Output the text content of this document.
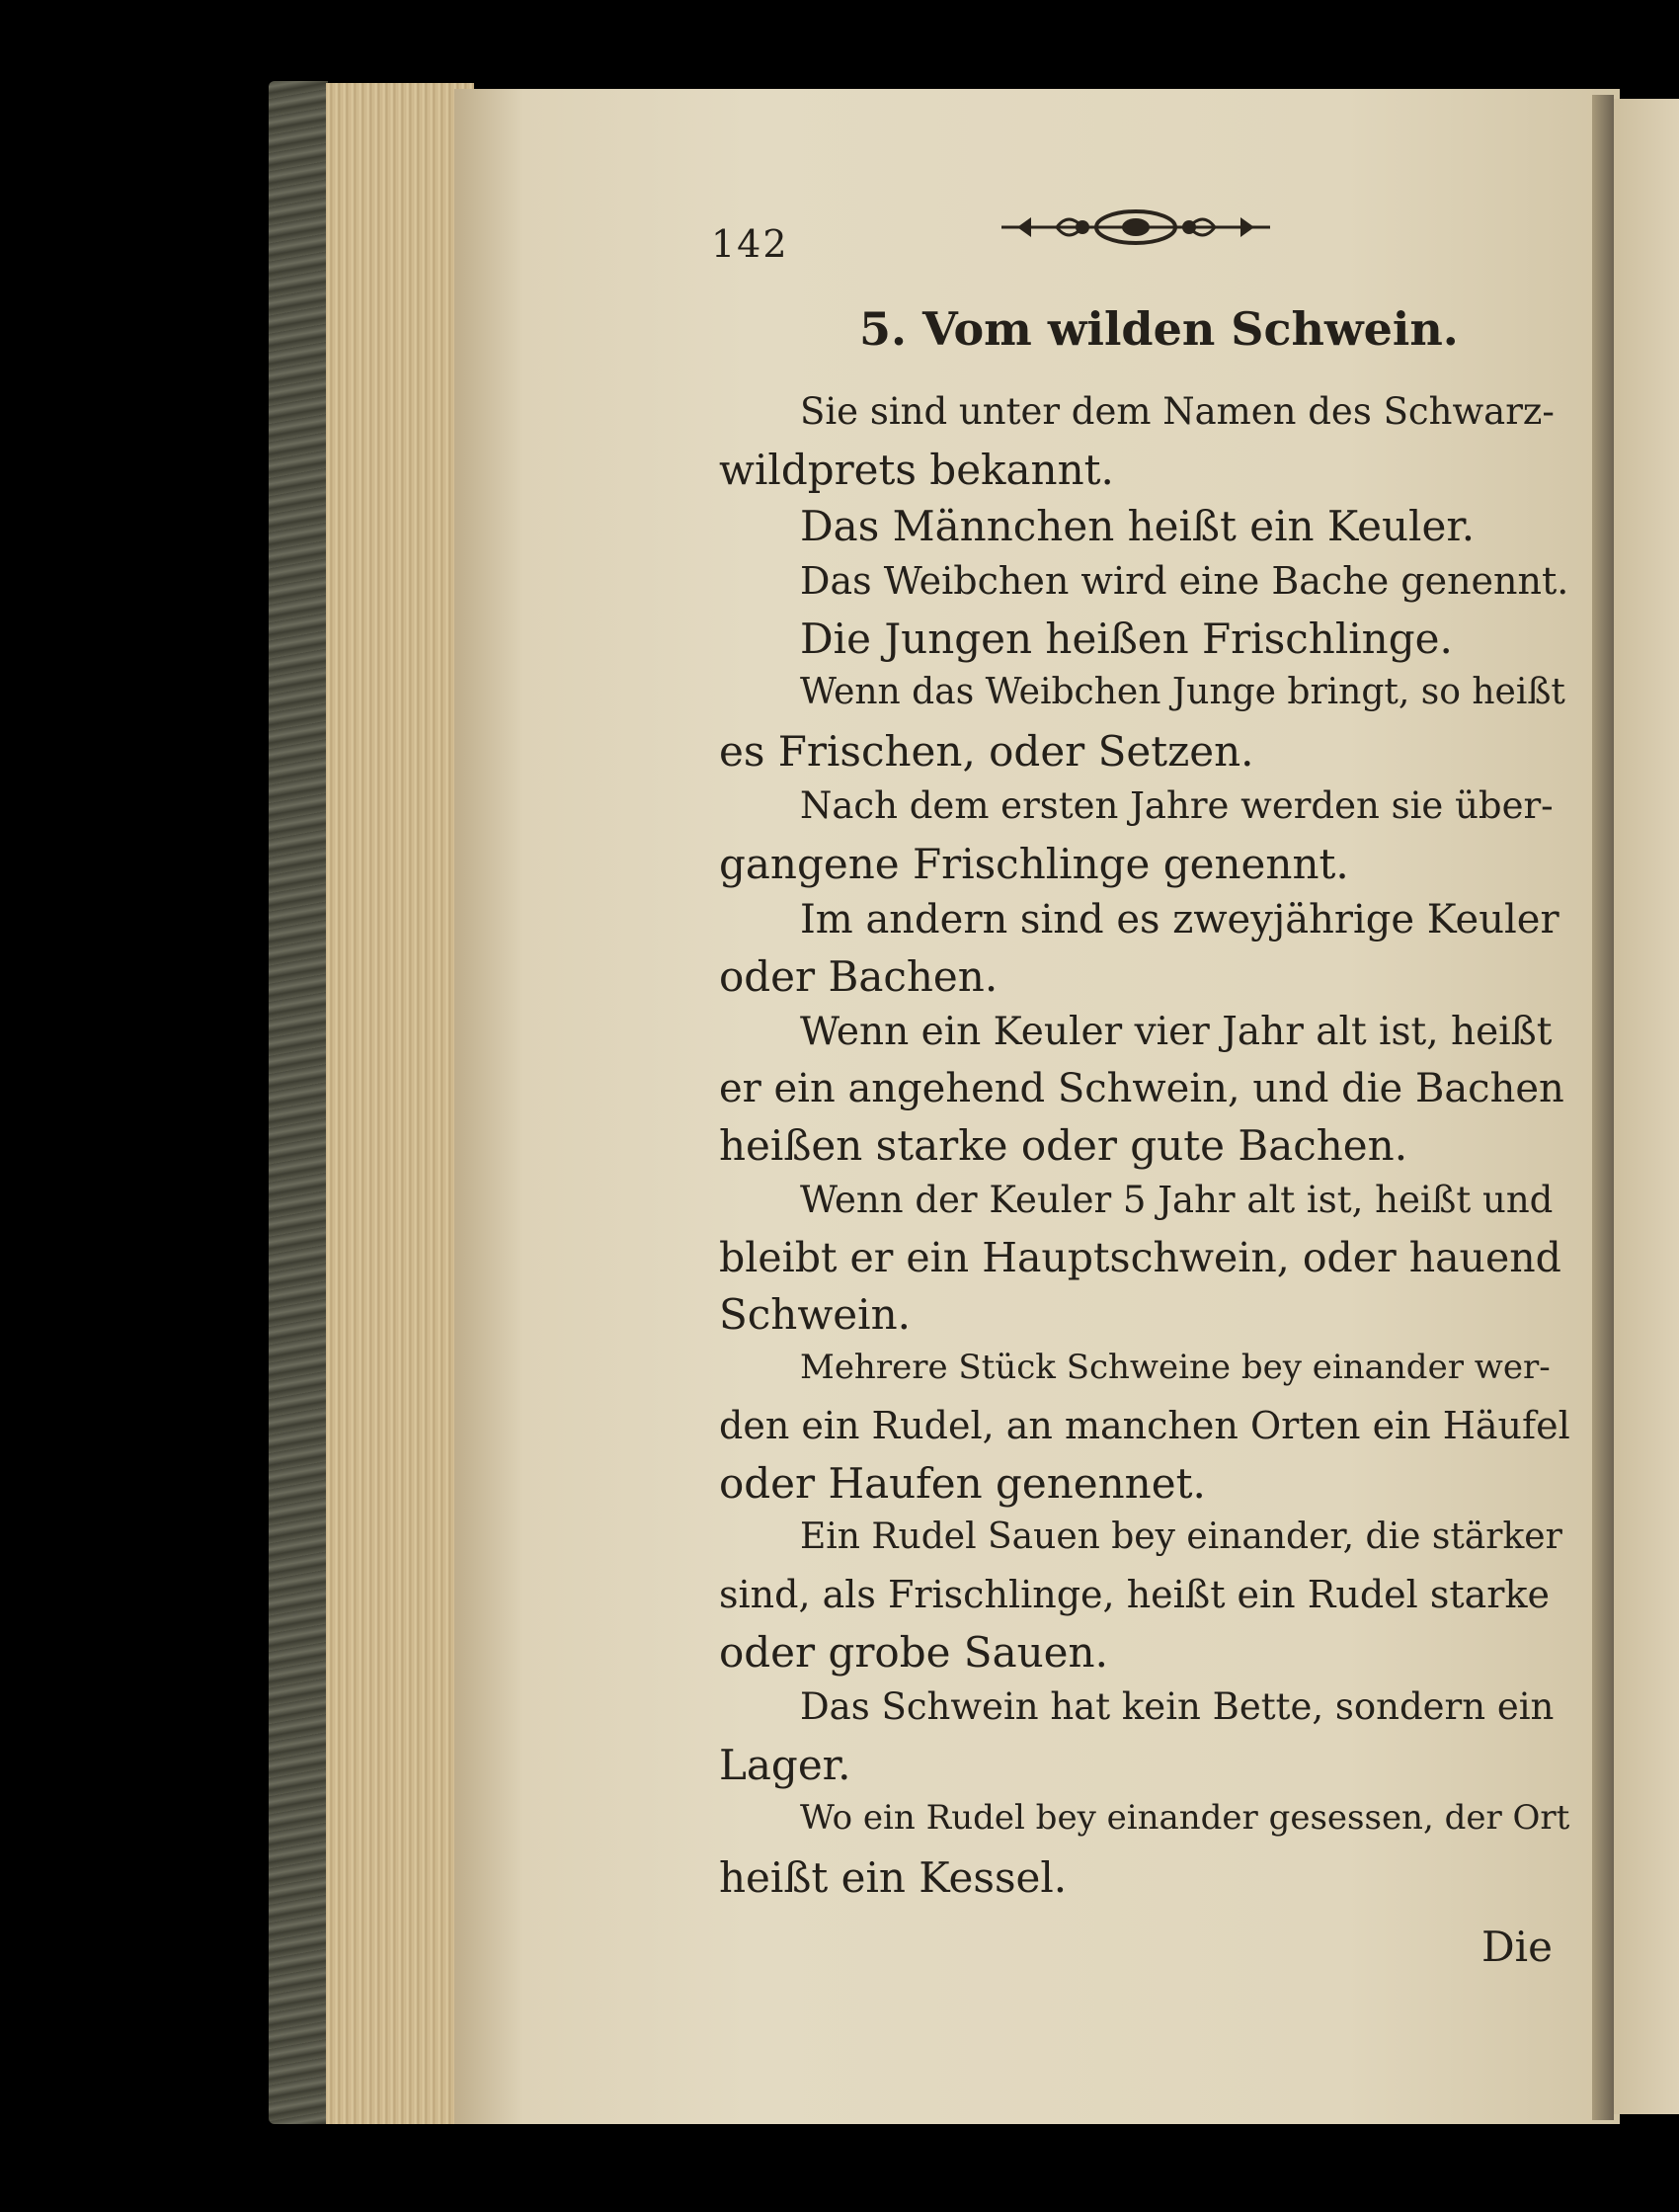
142
5. Vom wilden Schwein.
Sie sind unter dem Namen des Schwarz-
wildprets bekannt.
Das Männchen heißt ein Keuler.
Das Weibchen wird eine Bache genennt.
Die Jungen heißen Frischlinge.
Wenn das Weibchen Junge bringt, so heißt
es Frischen, oder Setzen.
Nach dem ersten Jahre werden sie über-
gangene Frischlinge genennt.
Im andern sind es zweyjährige Keuler
oder Bachen.
Wenn ein Keuler vier Jahr alt ist, heißt
er ein angehend Schwein, und die Bachen
heißen starke oder gute Bachen.
Wenn der Keuler 5 Jahr alt ist, heißt und
bleibt er ein Hauptschwein, oder hauend
Schwein.
Mehrere Stück Schweine bey einander wer-
den ein Rudel, an manchen Orten ein Häufel
oder Haufen genennet.
Ein Rudel Sauen bey einander, die stärker
sind, als Frischlinge, heißt ein Rudel starke
oder grobe Sauen.
Das Schwein hat kein Bette, sondern ein
Lager.
Wo ein Rudel bey einander gesessen, der Ort
heißt ein Kessel.
Die
